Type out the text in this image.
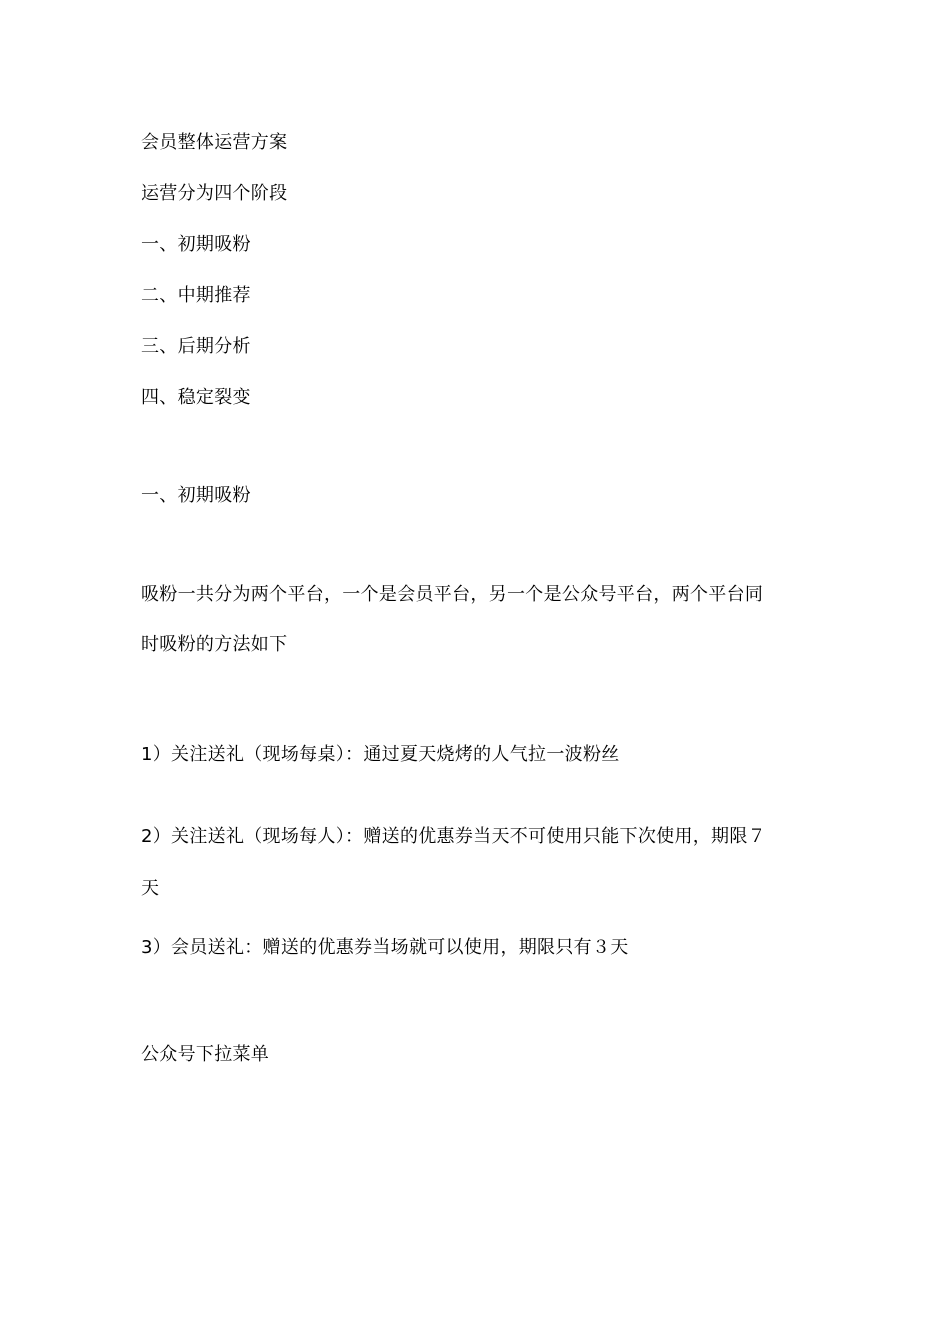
会员整体运营方案
运营分为四个阶段
一、初期吸粉
二、中期推荐
三、后期分析
四、稳定裂变
一、初期吸粉
吸粉一共分为两个平台，一个是会员平台，另一个是公众号平台，两个平台同
时吸粉的方法如下
1）关注送礼（现场每桌）：通过夏天烧烤的人气拉一波粉丝
2）关注送礼（现场每人）：赠送的优惠券当天不可使用只能下次使用，期限７
天
3）会员送礼：赠送的优惠券当场就可以使用，期限只有３天
公众号下拉菜单
